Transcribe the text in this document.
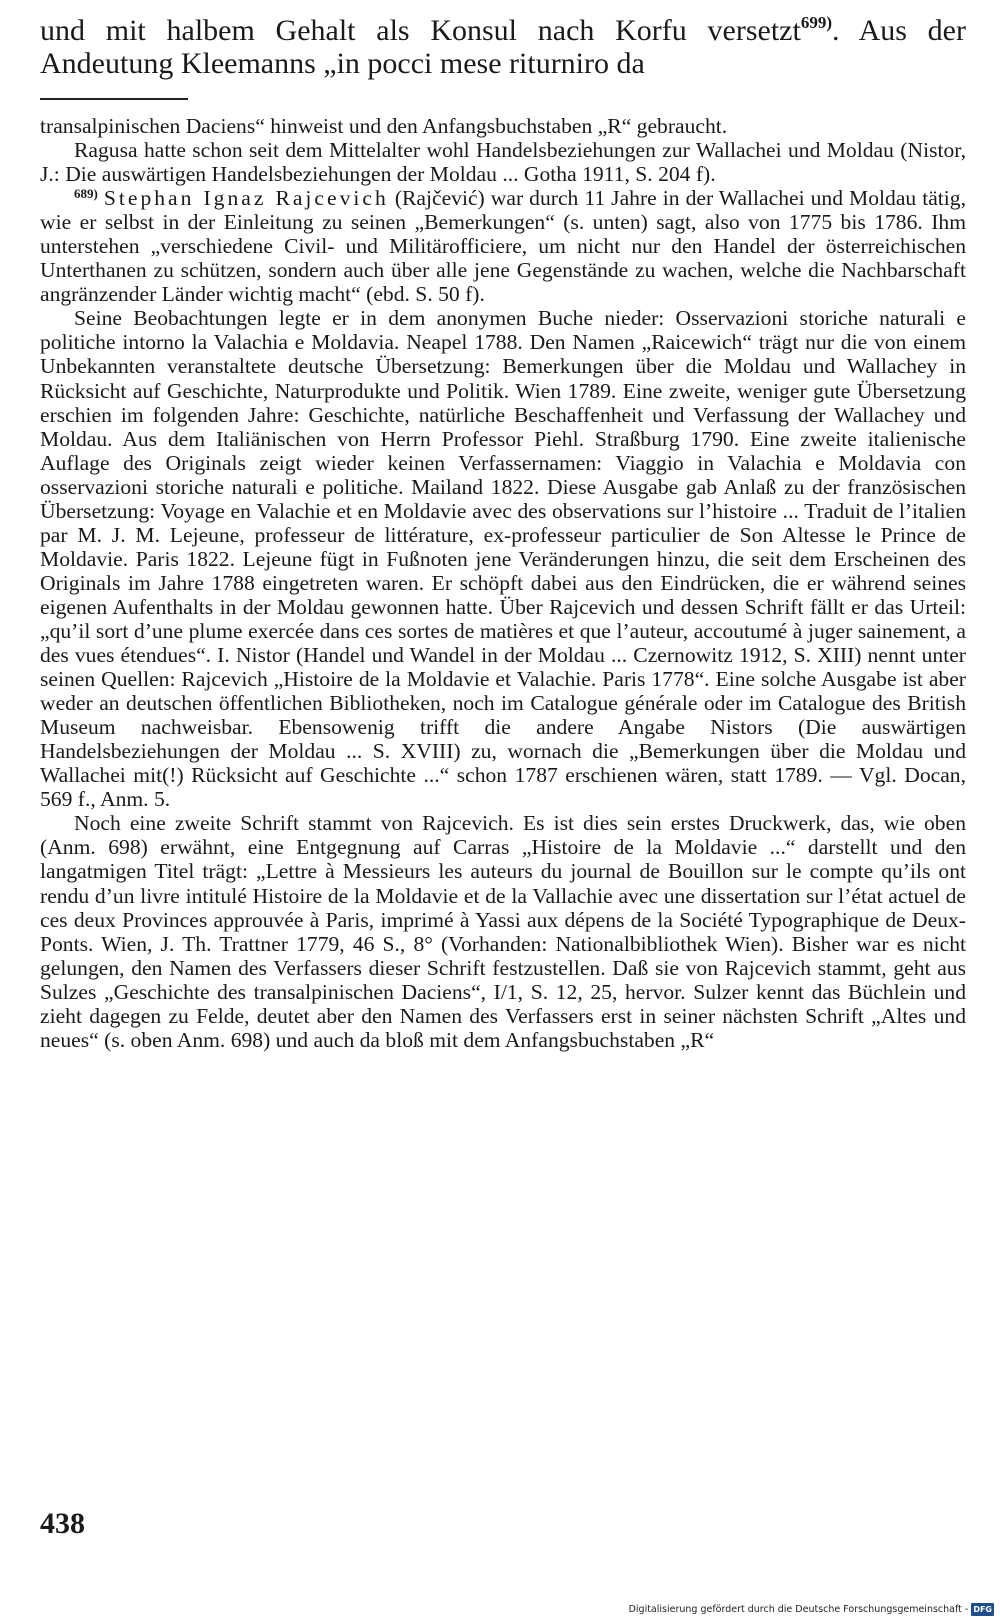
und mit halbem Gehalt als Konsul nach Korfu versetzt$^{699)}$. Aus der Andeutung Kleemanns „in pocci mese riturniro da

transalpinischen Daciens“ hinweist und den Anfangsbuchstaben „R“ gebraucht.

Ragusa hatte schon seit dem Mittelalter wohl Handelsbeziehungen zur Wallachei und Moldau (Nistor, J.: Die auswärtigen Handelsbeziehungen der Moldau ... Gotha 1911, S. 204 f).

$^{689)}$ Stephan Ignaz Rajcevich (Rajčević) war durch 11 Jahre in der Wallachei und Moldau tätig, wie er selbst in der Einleitung zu seinen „Bemerkungen“ (s. unten) sagt, also von 1775 bis 1786. Ihm unterstehen „verschiedene Civil- und Militärofficiere, um nicht nur den Handel der österreichischen Unterthanen zu schützen, sondern auch über alle jene Gegenstände zu wachen, welche die Nachbarschaft angränzender Länder wichtig macht“ (ebd. S. 50 f).

Seine Beobachtungen legte er in dem anonymen Buche nieder: Osservazioni storiche naturali e politiche intorno la Valachia e Moldavia. Neapel 1788. Den Namen „Raicewich“ trägt nur die von einem Unbekannten veranstaltete deutsche Übersetzung: Bemerkungen über die Moldau und Wallachey in Rücksicht auf Geschichte, Naturprodukte und Politik. Wien 1789. Eine zweite, weniger gute Übersetzung erschien im folgenden Jahre: Geschichte, natürliche Beschaffenheit und Verfassung der Wallachey und Moldau. Aus dem Italiänischen von Herrn Professor Piehl. Straßburg 1790. Eine zweite italienische Auflage des Originals zeigt wieder keinen Verfassernamen: Viaggio in Valachia e Moldavia con osservazioni storiche naturali e politiche. Mailand 1822. Diese Ausgabe gab Anlaß zu der französischen Übersetzung: Voyage en Valachie et en Moldavie avec des observations sur l’histoire ... Traduit de l’italien par M. J. M. Lejeune, professeur de littérature, ex-professeur particulier de Son Altesse le Prince de Moldavie. Paris 1822. Lejeune fügt in Fußnoten jene Veränderungen hinzu, die seit dem Erscheinen des Originals im Jahre 1788 eingetreten waren. Er schöpft dabei aus den Eindrücken, die er während seines eigenen Aufenthalts in der Moldau gewonnen hatte. Über Rajcevich und dessen Schrift fällt er das Urteil: „qu’il sort d’une plume exercée dans ces sortes de matières et que l’auteur, accoutumé à juger sainement, a des vues étendues“. I. Nistor (Handel und Wandel in der Moldau ... Czernowitz 1912, S. XIII) nennt unter seinen Quellen: Rajcevich „Histoire de la Moldavie et Valachie. Paris 1778“. Eine solche Ausgabe ist aber weder an deutschen öffentlichen Bibliotheken, noch im Catalogue générale oder im Catalogue des British Museum nachweisbar. Ebensowenig trifft die andere Angabe Nistors (Die auswärtigen Handelsbeziehungen der Moldau ... S. XVIII) zu, wornach die „Bemerkungen über die Moldau und Wallachei mit(!) Rücksicht auf Geschichte ...“ schon 1787 erschienen wären, statt 1789. — Vgl. Docan, 569 f., Anm. 5.

Noch eine zweite Schrift stammt von Rajcevich. Es ist dies sein erstes Druckwerk, das, wie oben (Anm. 698) erwähnt, eine Entgegnung auf Carras „Histoire de la Moldavie ...“ darstellt und den langatmigen Titel trägt: „Lettre à Messieurs les auteurs du journal de Bouillon sur le compte qu’ils ont rendu d’un livre intitulé Histoire de la Moldavie et de la Vallachie avec une dissertation sur l’état actuel de ces deux Provinces approuvée à Paris, imprimé à Yassi aux dépens de la Société Typographique de Deux-Ponts. Wien, J. Th. Trattner 1779, 46 S., 8° (Vorhanden: Nationalbibliothek Wien). Bisher war es nicht gelungen, den Namen des Verfassers dieser Schrift festzustellen. Daß sie von Rajcevich stammt, geht aus Sulzes „Geschichte des transalpinischen Daciens“, I/1, S. 12, 25, hervor. Sulzer kennt das Büchlein und zieht dagegen zu Felde, deutet aber den Namen des Verfassers erst in seiner nächsten Schrift „Altes und neues“ (s. oben Anm. 698) und auch da bloß mit dem Anfangsbuchstaben „R“

438
Digitalisierung gefördert durch die Deutsche Forschungsgemeinschaft - DFG
